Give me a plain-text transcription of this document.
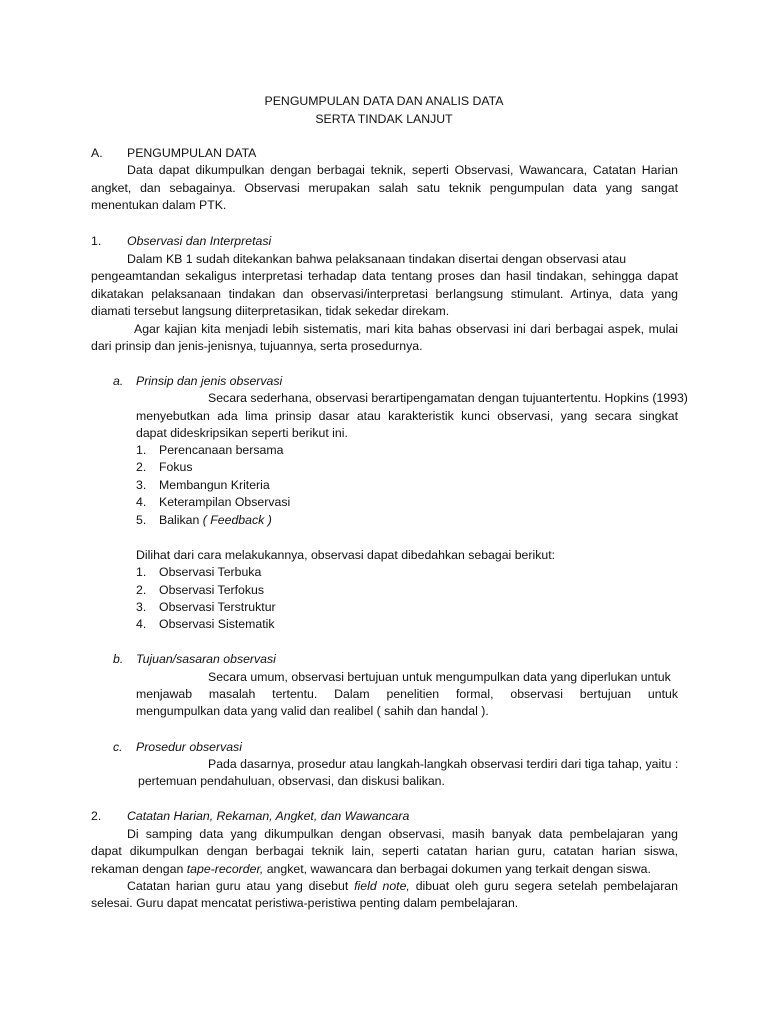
PENGUMPULAN DATA DAN ANALIS DATA
SERTA TINDAK LANJUT
A. PENGUMPULAN DATA
Data dapat dikumpulkan dengan berbagai teknik, seperti Observasi, Wawancara, Catatan Harian
angket, dan sebagainya. Observasi merupakan salah satu teknik pengumpulan data yang sangat
menentukan dalam PTK.
1. Observasi dan Interpretasi
Dalam KB 1 sudah ditekankan bahwa pelaksanaan tindakan disertai dengan observasi atau
pengeamtandan sekaligus interpretasi terhadap data tentang proses dan hasil tindakan, sehingga dapat
dikatakan pelaksanaan tindakan dan observasi/interpretasi berlangsung stimulant. Artinya, data yang
diamati tersebut langsung diiterpretasikan, tidak sekedar direkam.
Agar kajian kita menjadi lebih sistematis, mari kita bahas observasi ini dari berbagai aspek, mulai
dari prinsip dan jenis-jenisnya, tujuannya, serta prosedurnya.
a. Prinsip dan jenis observasi
Secara sederhana, observasi berartipengamatan dengan tujuantertentu. Hopkins (1993)
menyebutkan ada lima prinsip dasar atau karakteristik kunci observasi, yang secara singkat
dapat dideskripsikan seperti berikut ini.
1. Perencanaan bersama
2. Fokus
3. Membangun Kriteria
4. Keterampilan Observasi
5. Balikan ( Feedback )
Dilihat dari cara melakukannya, observasi dapat dibedahkan sebagai berikut:
1. Observasi Terbuka
2. Observasi Terfokus
3. Observasi Terstruktur
4. Observasi Sistematik
b. Tujuan/sasaran observasi
Secara umum, observasi bertujuan untuk mengumpulkan data yang diperlukan untuk
menjawab masalah tertentu. Dalam penelitien formal, observasi bertujuan untuk
mengumpulkan data yang valid dan realibel ( sahih dan handal ).
c. Prosedur observasi
Pada dasarnya, prosedur atau langkah-langkah observasi terdiri dari tiga tahap, yaitu :
pertemuan pendahuluan, observasi, dan diskusi balikan.
2. Catatan Harian, Rekaman, Angket, dan Wawancara
Di samping data yang dikumpulkan dengan observasi, masih banyak data pembelajaran yang
dapat dikumpulkan dengan berbagai teknik lain, seperti catatan harian guru, catatan harian siswa,
rekaman dengan tape-recorder, angket, wawancara dan berbagai dokumen yang terkait dengan siswa.
Catatan harian guru atau yang disebut field note, dibuat oleh guru segera setelah pembelajaran
selesai. Guru dapat mencatat peristiwa-peristiwa penting dalam pembelajaran.
